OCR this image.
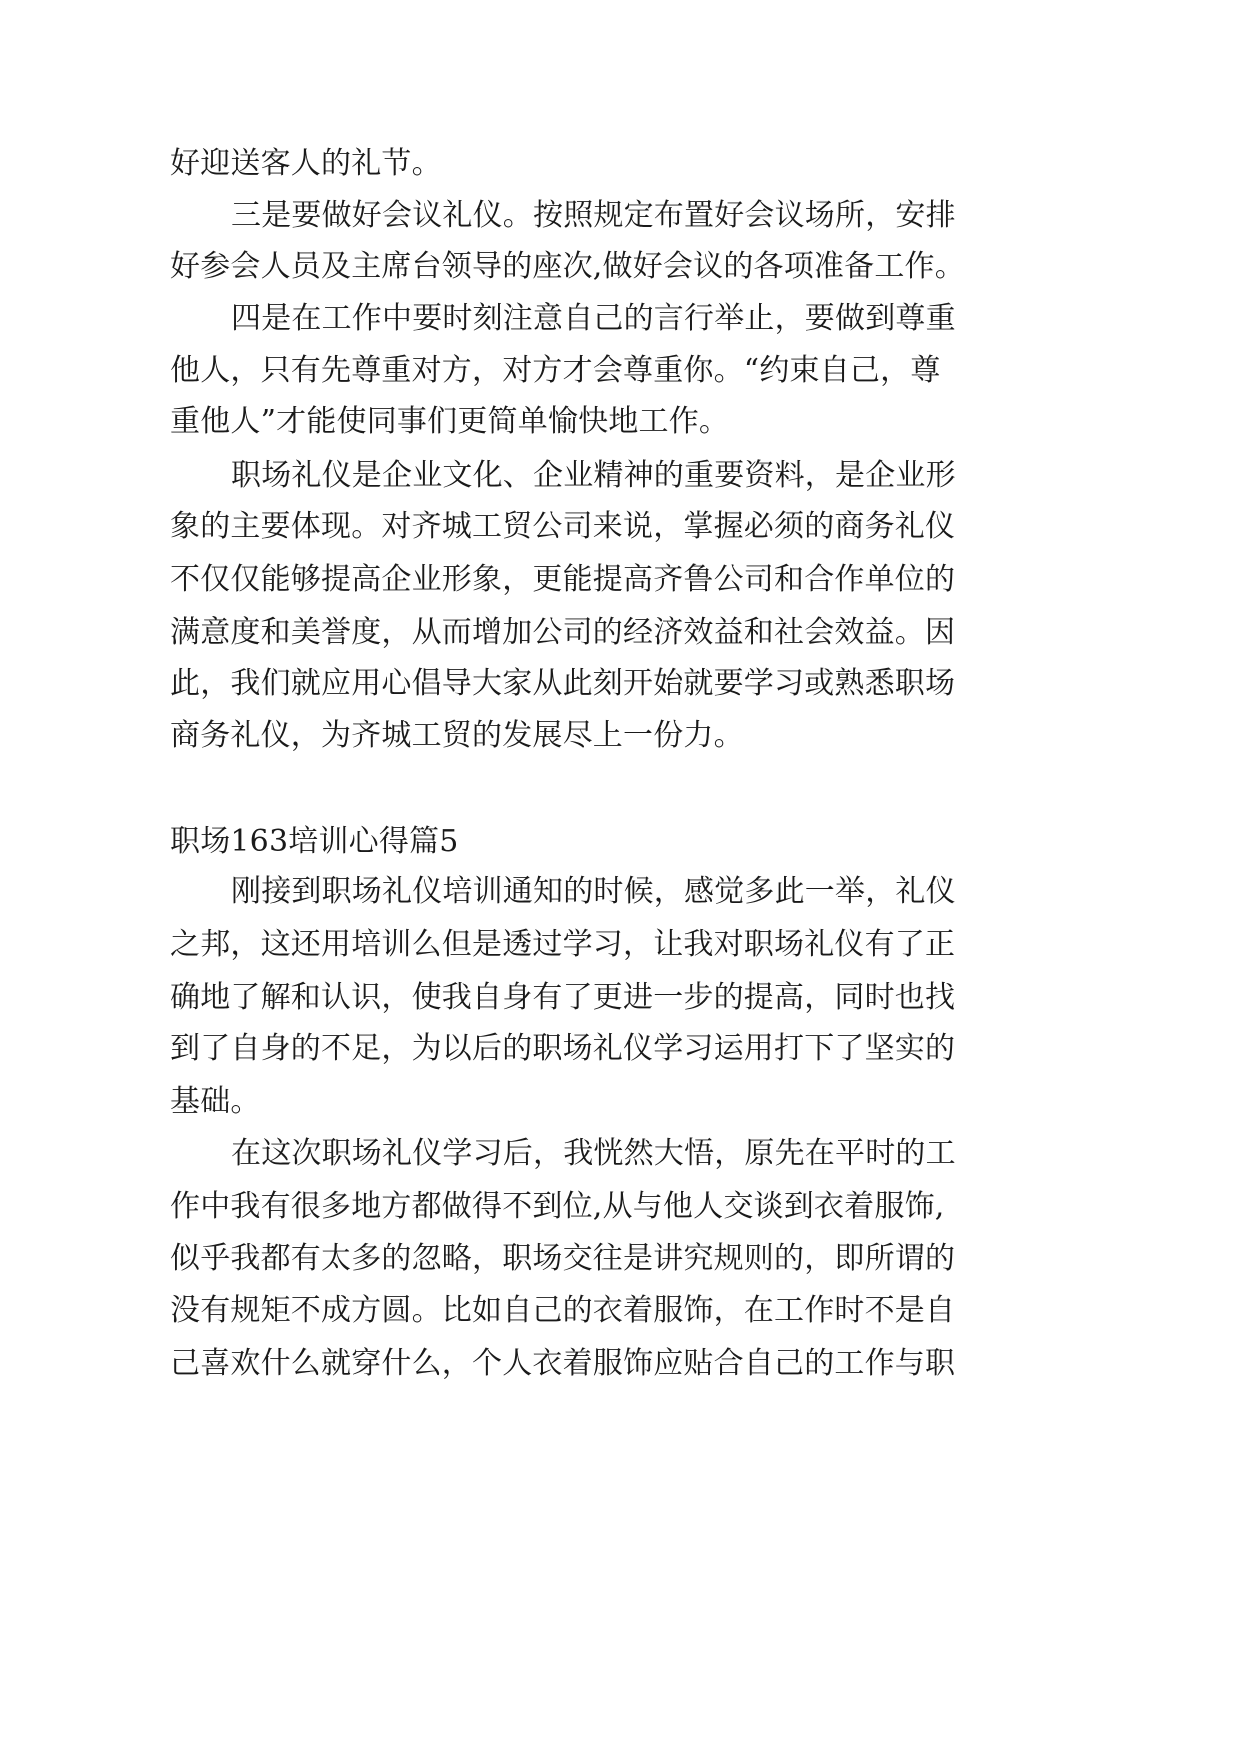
好迎送客人的礼节。
三是要做好会议礼仪。按照规定布置好会议场所，安排
好参会人员及主席台领导的座次,做好会议的各项准备工作。
四是在工作中要时刻注意自己的言行举止，要做到尊重
他人，只有先尊重对方，对方才会尊重你。“约束自己，尊
重他人”才能使同事们更简单愉快地工作。
职场礼仪是企业文化、企业精神的重要资料，是企业形
象的主要体现。对齐城工贸公司来说，掌握必须的商务礼仪
不仅仅能够提高企业形象，更能提高齐鲁公司和合作单位的
满意度和美誉度，从而增加公司的经济效益和社会效益。因
此，我们就应用心倡导大家从此刻开始就要学习或熟悉职场
商务礼仪，为齐城工贸的发展尽上一份力。
职场163培训心得篇5
刚接到职场礼仪培训通知的时候，感觉多此一举，礼仪
之邦，这还用培训么但是透过学习，让我对职场礼仪有了正
确地了解和认识，使我自身有了更进一步的提高，同时也找
到了自身的不足，为以后的职场礼仪学习运用打下了坚实的
基础。
在这次职场礼仪学习后，我恍然大悟，原先在平时的工
作中我有很多地方都做得不到位,从与他人交谈到衣着服饰,
似乎我都有太多的忽略，职场交往是讲究规则的，即所谓的
没有规矩不成方圆。比如自己的衣着服饰，在工作时不是自
己喜欢什么就穿什么，个人衣着服饰应贴合自己的工作与职
